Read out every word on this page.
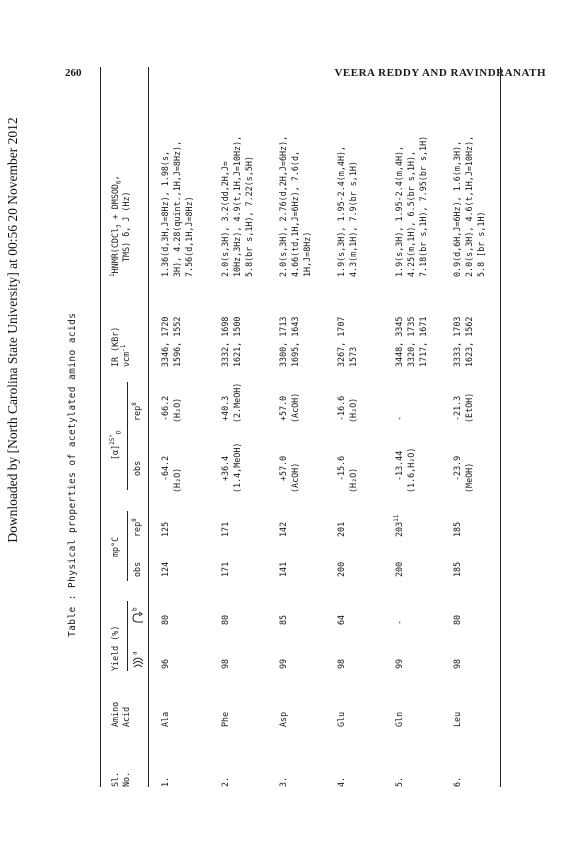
260	VEERA REDDY AND RAVINDRANATH
Downloaded by [North Carolina State University] at 00:56 20 November 2012	Table : Physical properties of acetylated amino acids
Sl. No.
Amino Acid
Yield (%) $^a$
$^b$
mp°C
obs
rep$^8$
$[\alpha]^{25^\circ}_D$
obs
rep$^8$
IR (KBr) νcm$^{-1}$
$^1$HNMR(CDCl$_3$ + $DMSOD_6$,
TMS) δ, J (Hz)
1.
Ala
96
80
124
125
-64.2 (H₂O)
-66.2 (H₂O)
3346, 1720 1596, 1552
1.36(d,3H,J=8Hz), 1.98(s, 3H), 4.28(quint.,1H,J=8Hz), 7.56(d,1H,J=8Hz)
2.
Phe
98
80
171
171
+36.4 (1.4,MeOH)
+40.3 (2.MeOH)
3332, 1698 1621, 1500
2.0(s,3H), 3.2(dd,2H,J= 10Hz,3Hz), 4.9(t,1H,J=10Hz), 5.8(br s,1H), 7.22(s,5H)
3.
Asp
99
85
141
142
+57.0 (AcOH)
+57.0 (AcOH)
3300, 1713 1695, 1643
2.0(s,3H), 2.76(d,2H,J=6Hz), 4.66(td,1H,J=6Hz), 7.6(d, 1H,J=8Hz)
4.
Glu
98
64
200
201
-15.6 (H₂O)
-16.6 (H₂O)
3267, 1707 1573
1.9(s,3H), 1.95-2.4(m,4H), 4.3(m,1H), 7.9(br s,1H)
5.
Gln
99
-
200
$203^{11}$
-13.44 (1.6,H₂O)
-
3448, 3345 3320, 1735 1717, 1671
1.9(s,3H), 1.95-2.4(m,4H), 4.25(m,1H), 6.5(br s,1H), 7.18(br s,1H), 7.95(br s,1H)
6.
Leu
98
80
185
185
-23.9 (MeOH)
-21.3 (EtOH)
3333, 1703 1623, 1562
0.9(d,6H,J=6Hz), 1.6(m,3H), 2.0(s,3H), 4.6(t,1H,J=10Hz), 5.8 [br s,1H)
